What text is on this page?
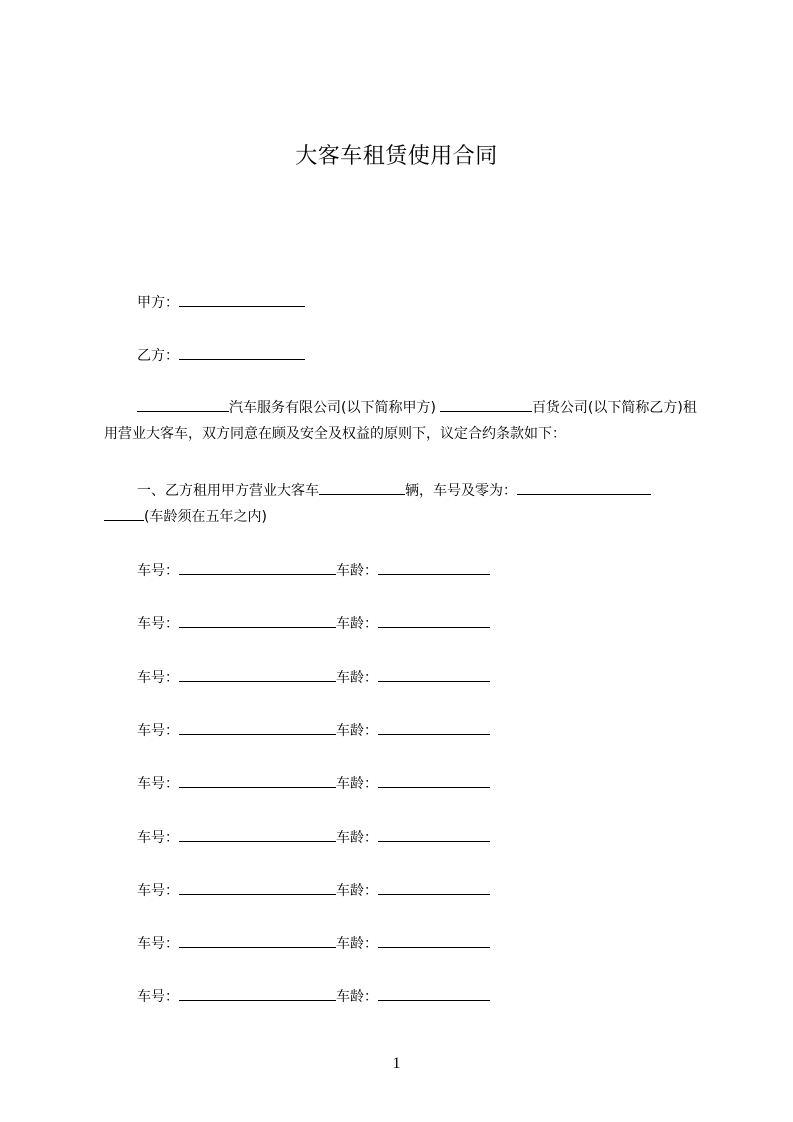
大客车租赁使用合同
甲方：
乙方：
汽车服务有限公司(以下简称甲方)	百货公司(以下简称乙方)租用营业大客车，双方同意在顾及安全及权益的原则下，议定合约条款如下：
一、乙方租用甲方营业大客车	辆，车号及零为：
(车龄须在五年之内)
车号：	车龄：
车号：	车龄：
车号：	车龄：
车号：	车龄：
车号：	车龄：
车号：	车龄：
车号：	车龄：
车号：	车龄：
车号：	车龄：
1
